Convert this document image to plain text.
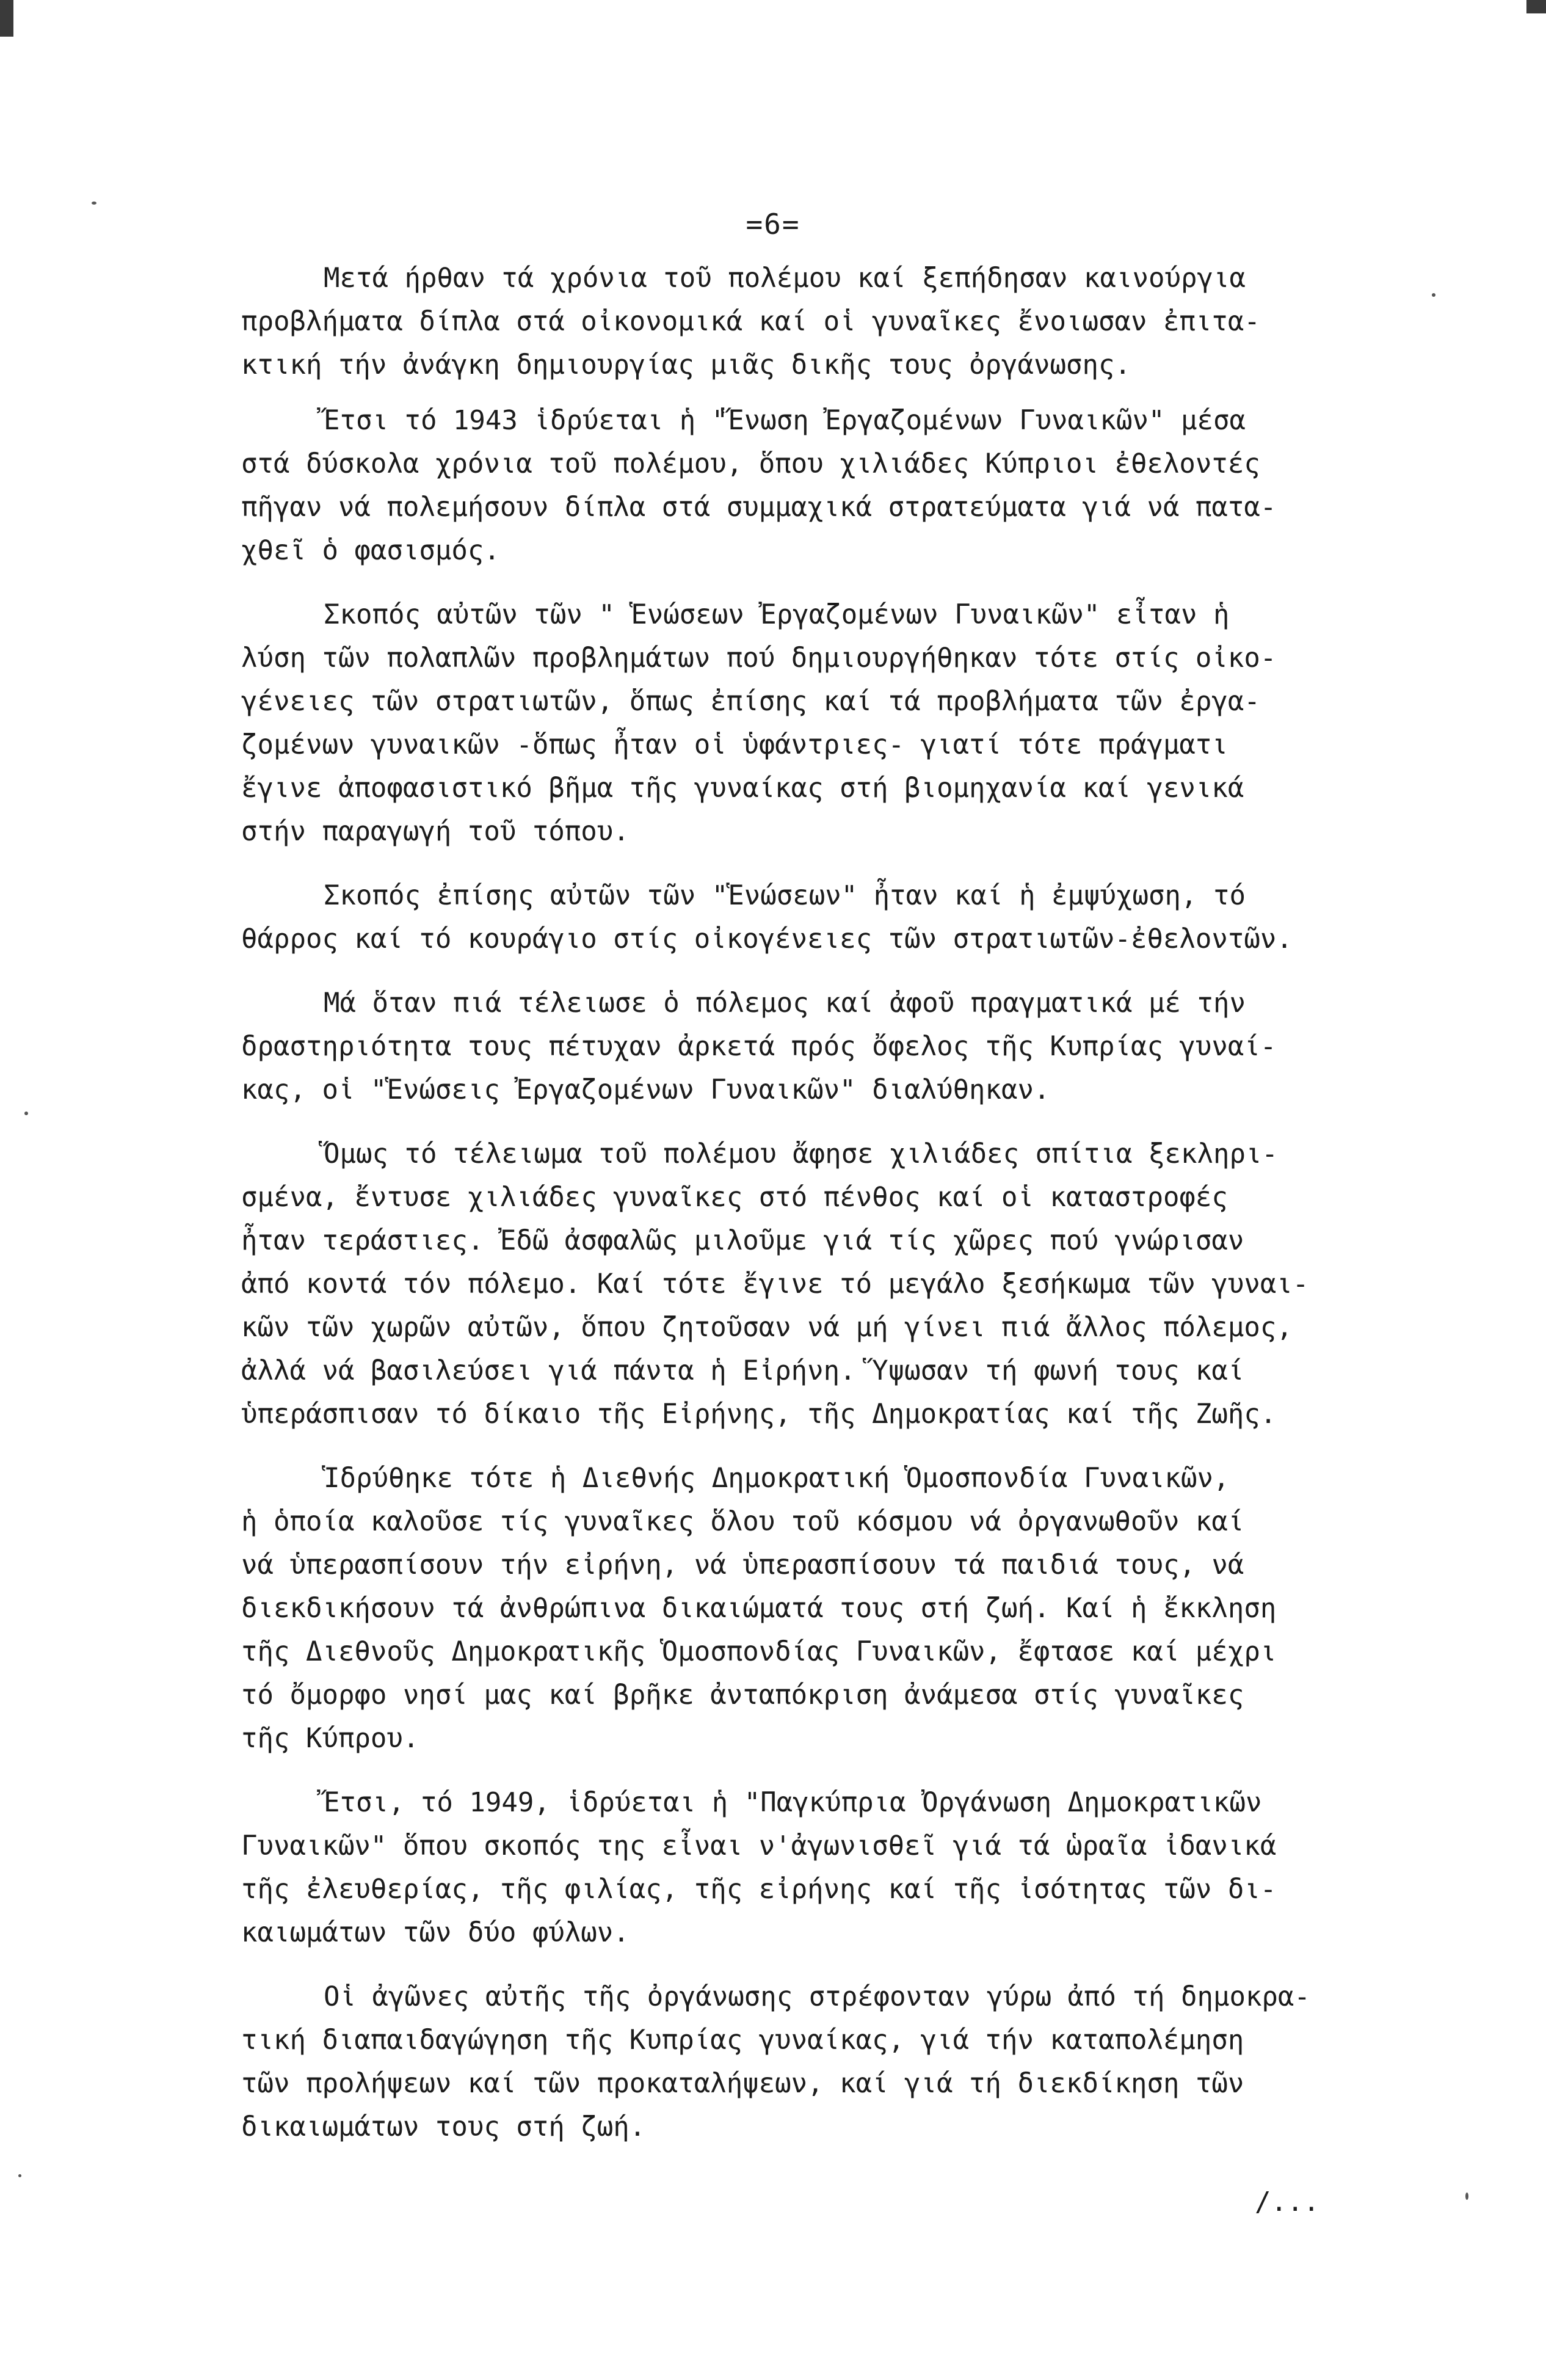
=6=

Μετά ήρθαν τά χρόνια τοῦ πολέμου καί ξεπήδησαν καινούργια
προβλήματα δίπλα στά οἰκονομικά καί οἱ γυναῖκες ἔνοιωσαν ἐπιτα-
κτική τήν ἀνάγκη δημιουργίας μιᾶς δικῆς τους ὀργάνωσης.

Ἔτσι τό 1943 ἱδρύεται ἡ "Ἕνωση Ἐργαζομένων Γυναικῶν" μέσα
στά δύσκολα χρόνια τοῦ πολέμου, ὅπου χιλιάδες Κύπριοι ἐθελοντές
πῆγαν νά πολεμήσουν δίπλα στά συμμαχικά στρατεύματα γιά νά πατα-
χθεῖ ὁ φασισμός.

Σκοπός αὐτῶν τῶν " Ἑνώσεων Ἐργαζομένων Γυναικῶν" εἶταν ἡ
λύση τῶν πολαπλῶν προβλημάτων πού δημιουργήθηκαν τότε στίς οἰκο-
γένειες τῶν στρατιωτῶν, ὅπως ἐπίσης καί τά προβλήματα τῶν ἐργα-
ζομένων γυναικῶν -ὅπως ἦταν οἱ ὑφάντριες- γιατί τότε πράγματι
ἔγινε ἀποφασιστικό βῆμα τῆς γυναίκας στή βιομηχανία καί γενικά
στήν παραγωγή τοῦ τόπου.

Σκοπός ἐπίσης αὐτῶν τῶν "Ἑνώσεων" ἦταν καί ἡ ἐμψύχωση, τό
θάρρος καί τό κουράγιο στίς οἰκογένειες τῶν στρατιωτῶν-ἐθελοντῶν.

Μά ὅταν πιά τέλειωσε ὁ πόλεμος καί ἀφοῦ πραγματικά μέ τήν
δραστηριότητα τους πέτυχαν ἀρκετά πρός ὄφελος τῆς Κυπρίας γυναί-
κας, οἱ "Ἑνώσεις Ἐργαζομένων Γυναικῶν" διαλύθηκαν.

Ὅμως τό τέλειωμα τοῦ πολέμου ἄφησε χιλιάδες σπίτια ξεκληρι-
σμένα, ἔντυσε χιλιάδες γυναῖκες στό πένθος καί οἱ καταστροφές
ἦταν τεράστιες. Ἐδῶ ἀσφαλῶς μιλοῦμε γιά τίς χῶρες πού γνώρισαν
ἀπό κοντά τόν πόλεμο. Καί τότε ἔγινε τό μεγάλο ξεσήκωμα τῶν γυναι-
κῶν τῶν χωρῶν αὐτῶν, ὅπου ζητοῦσαν νά μή γίνει πιά ἄλλος πόλεμος,
ἀλλά νά βασιλεύσει γιά πάντα ἡ Εἰρήνη. Ὕψωσαν τή φωνή τους καί
ὑπεράσπισαν τό δίκαιο τῆς Εἰρήνης, τῆς Δημοκρατίας καί τῆς Ζωῆς.

Ἱδρύθηκε τότε ἡ Διεθνής Δημοκρατική Ὁμοσπονδία Γυναικῶν,
ἡ ὁποία καλοῦσε τίς γυναῖκες ὅλου τοῦ κόσμου νά ὀργανωθοῦν καί
νά ὑπερασπίσουν τήν εἰρήνη, νά ὑπερασπίσουν τά παιδιά τους, νά
διεκδικήσουν τά ἀνθρώπινα δικαιώματά τους στή ζωή. Καί ἡ ἔκκληση
τῆς Διεθνοῦς Δημοκρατικῆς Ὁμοσπονδίας Γυναικῶν, ἔφτασε καί μέχρι
τό ὄμορφο νησί μας καί βρῆκε ἀνταπόκριση ἀνάμεσα στίς γυναῖκες
τῆς Κύπρου.

Ἔτσι, τό 1949, ἱδρύεται ἡ "Παγκύπρια Ὀργάνωση Δημοκρατικῶν
Γυναικῶν" ὅπου σκοπός της εἶναι ν'ἀγωνισθεῖ γιά τά ὡραῖα ἰδανικά
τῆς ἐλευθερίας, τῆς φιλίας, τῆς εἰρήνης καί τῆς ἰσότητας τῶν δι-
καιωμάτων τῶν δύο φύλων.

Οἱ ἀγῶνες αὐτῆς τῆς ὀργάνωσης στρέφονταν γύρω ἀπό τή δημοκρα-
τική διαπαιδαγώγηση τῆς Κυπρίας γυναίκας, γιά τήν καταπολέμηση
τῶν προλήψεων καί τῶν προκαταλήψεων, καί γιά τή διεκδίκηση τῶν
δικαιωμάτων τους στή ζωή.

/...
